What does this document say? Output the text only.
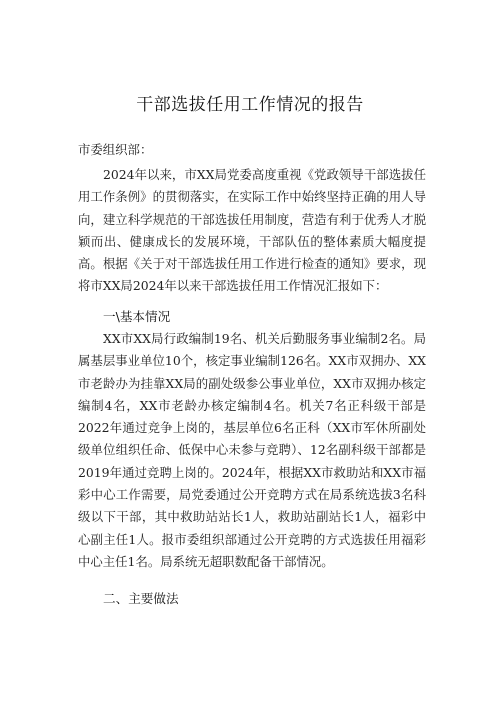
干部选拔任用工作情况的报告

市委组织部：

2024年以来，市XX局党委高度重视《党政领导干部选拔任用工作条例》的贯彻落实，在实际工作中始终坚持正确的用人导向，建立科学规范的干部选拔任用制度，营造有利于优秀人才脱颖而出、健康成长的发展环境，干部队伍的整体素质大幅度提高。根据《关于对干部选拔任用工作进行检查的通知》要求，现将市XX局2024年以来干部选拔任用工作情况汇报如下：

一\基本情况

XX市XX局行政编制19名、机关后勤服务事业编制2名。局属基层事业单位10个，核定事业编制126名。XX市双拥办、XX市老龄办为挂靠XX局的副处级参公事业单位，XX市双拥办核定编制4名，XX市老龄办核定编制4名。机关7名正科级干部是2022年通过竞争上岗的，基层单位6名正科（XX市军休所副处级单位组织任命、低保中心未参与竞聘）、12名副科级干部都是2019年通过竞聘上岗的。2024年，根据XX市救助站和XX市福彩中心工作需要，局党委通过公开竞聘方式在局系统选拔3名科级以下干部，其中救助站站长1人，救助站副站长1人，福彩中心副主任1人。报市委组织部通过公开竞聘的方式选拔任用福彩中心主任1名。局系统无超职数配备干部情况。

二、主要做法
